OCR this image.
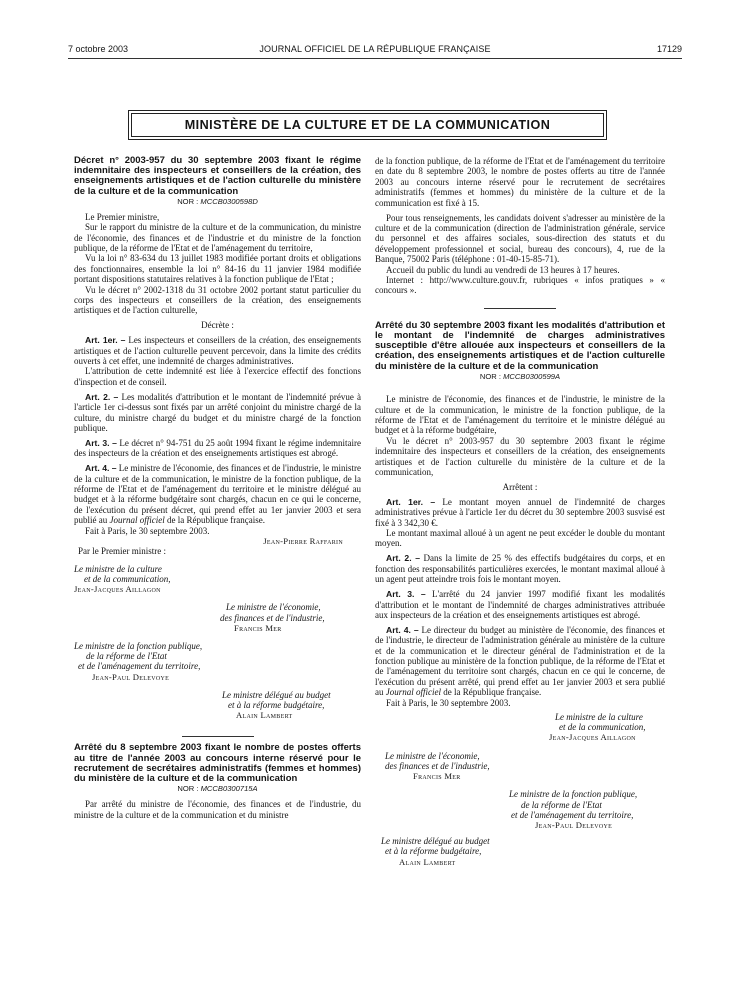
7 octobre 2003	JOURNAL OFFICIEL DE LA RÉPUBLIQUE FRANÇAISE	17129
MINISTÈRE DE LA CULTURE ET DE LA COMMUNICATION

Décret n° 2003-957 du 30 septembre 2003 fixant le régime indemnitaire des inspecteurs et conseillers de la création, des enseignements artistiques et de l'action culturelle du ministère de la culture et de la communication

NOR : MCCB0300598D

Le Premier ministre,

Sur le rapport du ministre de la culture et de la communication, du ministre de l'économie, des finances et de l'industrie et du ministre de la fonction publique, de la réforme de l'Etat et de l'aménagement du territoire,

Vu la loi n° 83-634 du 13 juillet 1983 modifiée portant droits et obligations des fonctionnaires, ensemble la loi n° 84-16 du 11 janvier 1984 modifiée portant dispositions statutaires relatives à la fonction publique de l'Etat ;

Vu le décret n° 2002-1318 du 31 octobre 2002 portant statut particulier du corps des inspecteurs et conseillers de la création, des enseignements artistiques et de l'action culturelle,

Décrète :

Art. 1er. – Les inspecteurs et conseillers de la création, des enseignements artistiques et de l'action culturelle peuvent percevoir, dans la limite des crédits ouverts à cet effet, une indemnité de charges administratives.

L'attribution de cette indemnité est liée à l'exercice effectif des fonctions d'inspection et de conseil.

Art. 2. – Les modalités d'attribution et le montant de l'indemnité prévue à l'article 1er ci-dessus sont fixés par un arrêté conjoint du ministre chargé de la culture, du ministre chargé du budget et du ministre chargé de la fonction publique.

Art. 3. – Le décret n° 94-751 du 25 août 1994 fixant le régime indemnitaire des inspecteurs de la création et des enseignements artistiques est abrogé.

Art. 4. – Le ministre de l'économie, des finances et de l'industrie, le ministre de la culture et de la communication, le ministre de la fonction publique, de la réforme de l'Etat et de l'aménagement du territoire et le ministre délégué au budget et à la réforme budgétaire sont chargés, chacun en ce qui le concerne, de l'exécution du présent décret, qui prend effet au 1er janvier 2003 et sera publié au Journal officiel de la République française.

Fait à Paris, le 30 septembre 2003.

Jean-Pierre Raffarin

Par le Premier ministre :

Le ministre de la culture
et de la communication,
Jean-Jacques Aillagon
Le ministre de l'économie,
des finances et de l'industrie,
Francis Mer
Le ministre de la fonction publique,
de la réforme de l'Etat
et de l'aménagement du territoire,
Jean-Paul Delevoye
Le ministre délégué au budget
et à la réforme budgétaire,
Alain Lambert

Arrêté du 8 septembre 2003 fixant le nombre de postes offerts au titre de l'année 2003 au concours interne réservé pour le recrutement de secrétaires administratifs (femmes et hommes) du ministère de la culture et de la communication

NOR : MCCB0300715A

Par arrêté du ministre de l'économie, des finances et de l'industrie, du ministre de la culture et de la communication et du ministre

de la fonction publique, de la réforme de l'Etat et de l'aménagement du territoire en date du 8 septembre 2003, le nombre de postes offerts au titre de l'année 2003 au concours interne réservé pour le recrutement de secrétaires administratifs (femmes et hommes) du ministère de la culture et de la communication est fixé à 15.

Pour tous renseignements, les candidats doivent s'adresser au ministère de la culture et de la communication (direction de l'administration générale, service du personnel et des affaires sociales, sous-direction des statuts et du développement professionnel et social, bureau des concours), 4, rue de la Banque, 75002 Paris (téléphone : 01-40-15-85-71).

Accueil du public du lundi au vendredi de 13 heures à 17 heures.

Internet : http://www.culture.gouv.fr, rubriques « infos pratiques » « concours ».

Arrêté du 30 septembre 2003 fixant les modalités d'attribution et le montant de l'indemnité de charges administratives susceptible d'être allouée aux inspecteurs et conseillers de la création, des enseignements artistiques et de l'action culturelle du ministère de la culture et de la communication

NOR : MCCB0300599A

Le ministre de l'économie, des finances et de l'industrie, le ministre de la culture et de la communication, le ministre de la fonction publique, de la réforme de l'Etat et de l'aménagement du territoire et le ministre délégué au budget et à la réforme budgétaire,

Vu le décret n° 2003-957 du 30 septembre 2003 fixant le régime indemnitaire des inspecteurs et conseillers de la création, des enseignements artistiques et de l'action culturelle du ministère de la culture et de la communication,

Arrêtent :

Art. 1er. – Le montant moyen annuel de l'indemnité de charges administratives prévue à l'article 1er du décret du 30 septembre 2003 susvisé est fixé à 3 342,30 €.

Le montant maximal alloué à un agent ne peut excéder le double du montant moyen.

Art. 2. – Dans la limite de 25 % des effectifs budgétaires du corps, et en fonction des responsabilités particulières exercées, le montant maximal alloué à un agent peut atteindre trois fois le montant moyen.

Art. 3. – L'arrêté du 24 janvier 1997 modifié fixant les modalités d'attribution et le montant de l'indemnité de charges administratives attribuée aux inspecteurs de la création et des enseignements artistiques est abrogé.

Art. 4. – Le directeur du budget au ministère de l'économie, des finances et de l'industrie, le directeur de l'administration générale au ministère de la culture et de la communication et le directeur général de l'administration et de la fonction publique au ministère de la fonction publique, de la réforme de l'Etat et de l'aménagement du territoire sont chargés, chacun en ce qui le concerne, de l'exécution du présent arrêté, qui prend effet au 1er janvier 2003 et sera publié au Journal officiel de la République française.

Fait à Paris, le 30 septembre 2003.

Le ministre de la culture
et de la communication,
Jean-Jacques Aillagon
Le ministre de l'économie,
des finances et de l'industrie,
Francis Mer
Le ministre de la fonction publique,
de la réforme de l'Etat
et de l'aménagement du territoire,
Jean-Paul Delevoye
Le ministre délégué au budget
et à la réforme budgétaire,
Alain Lambert
